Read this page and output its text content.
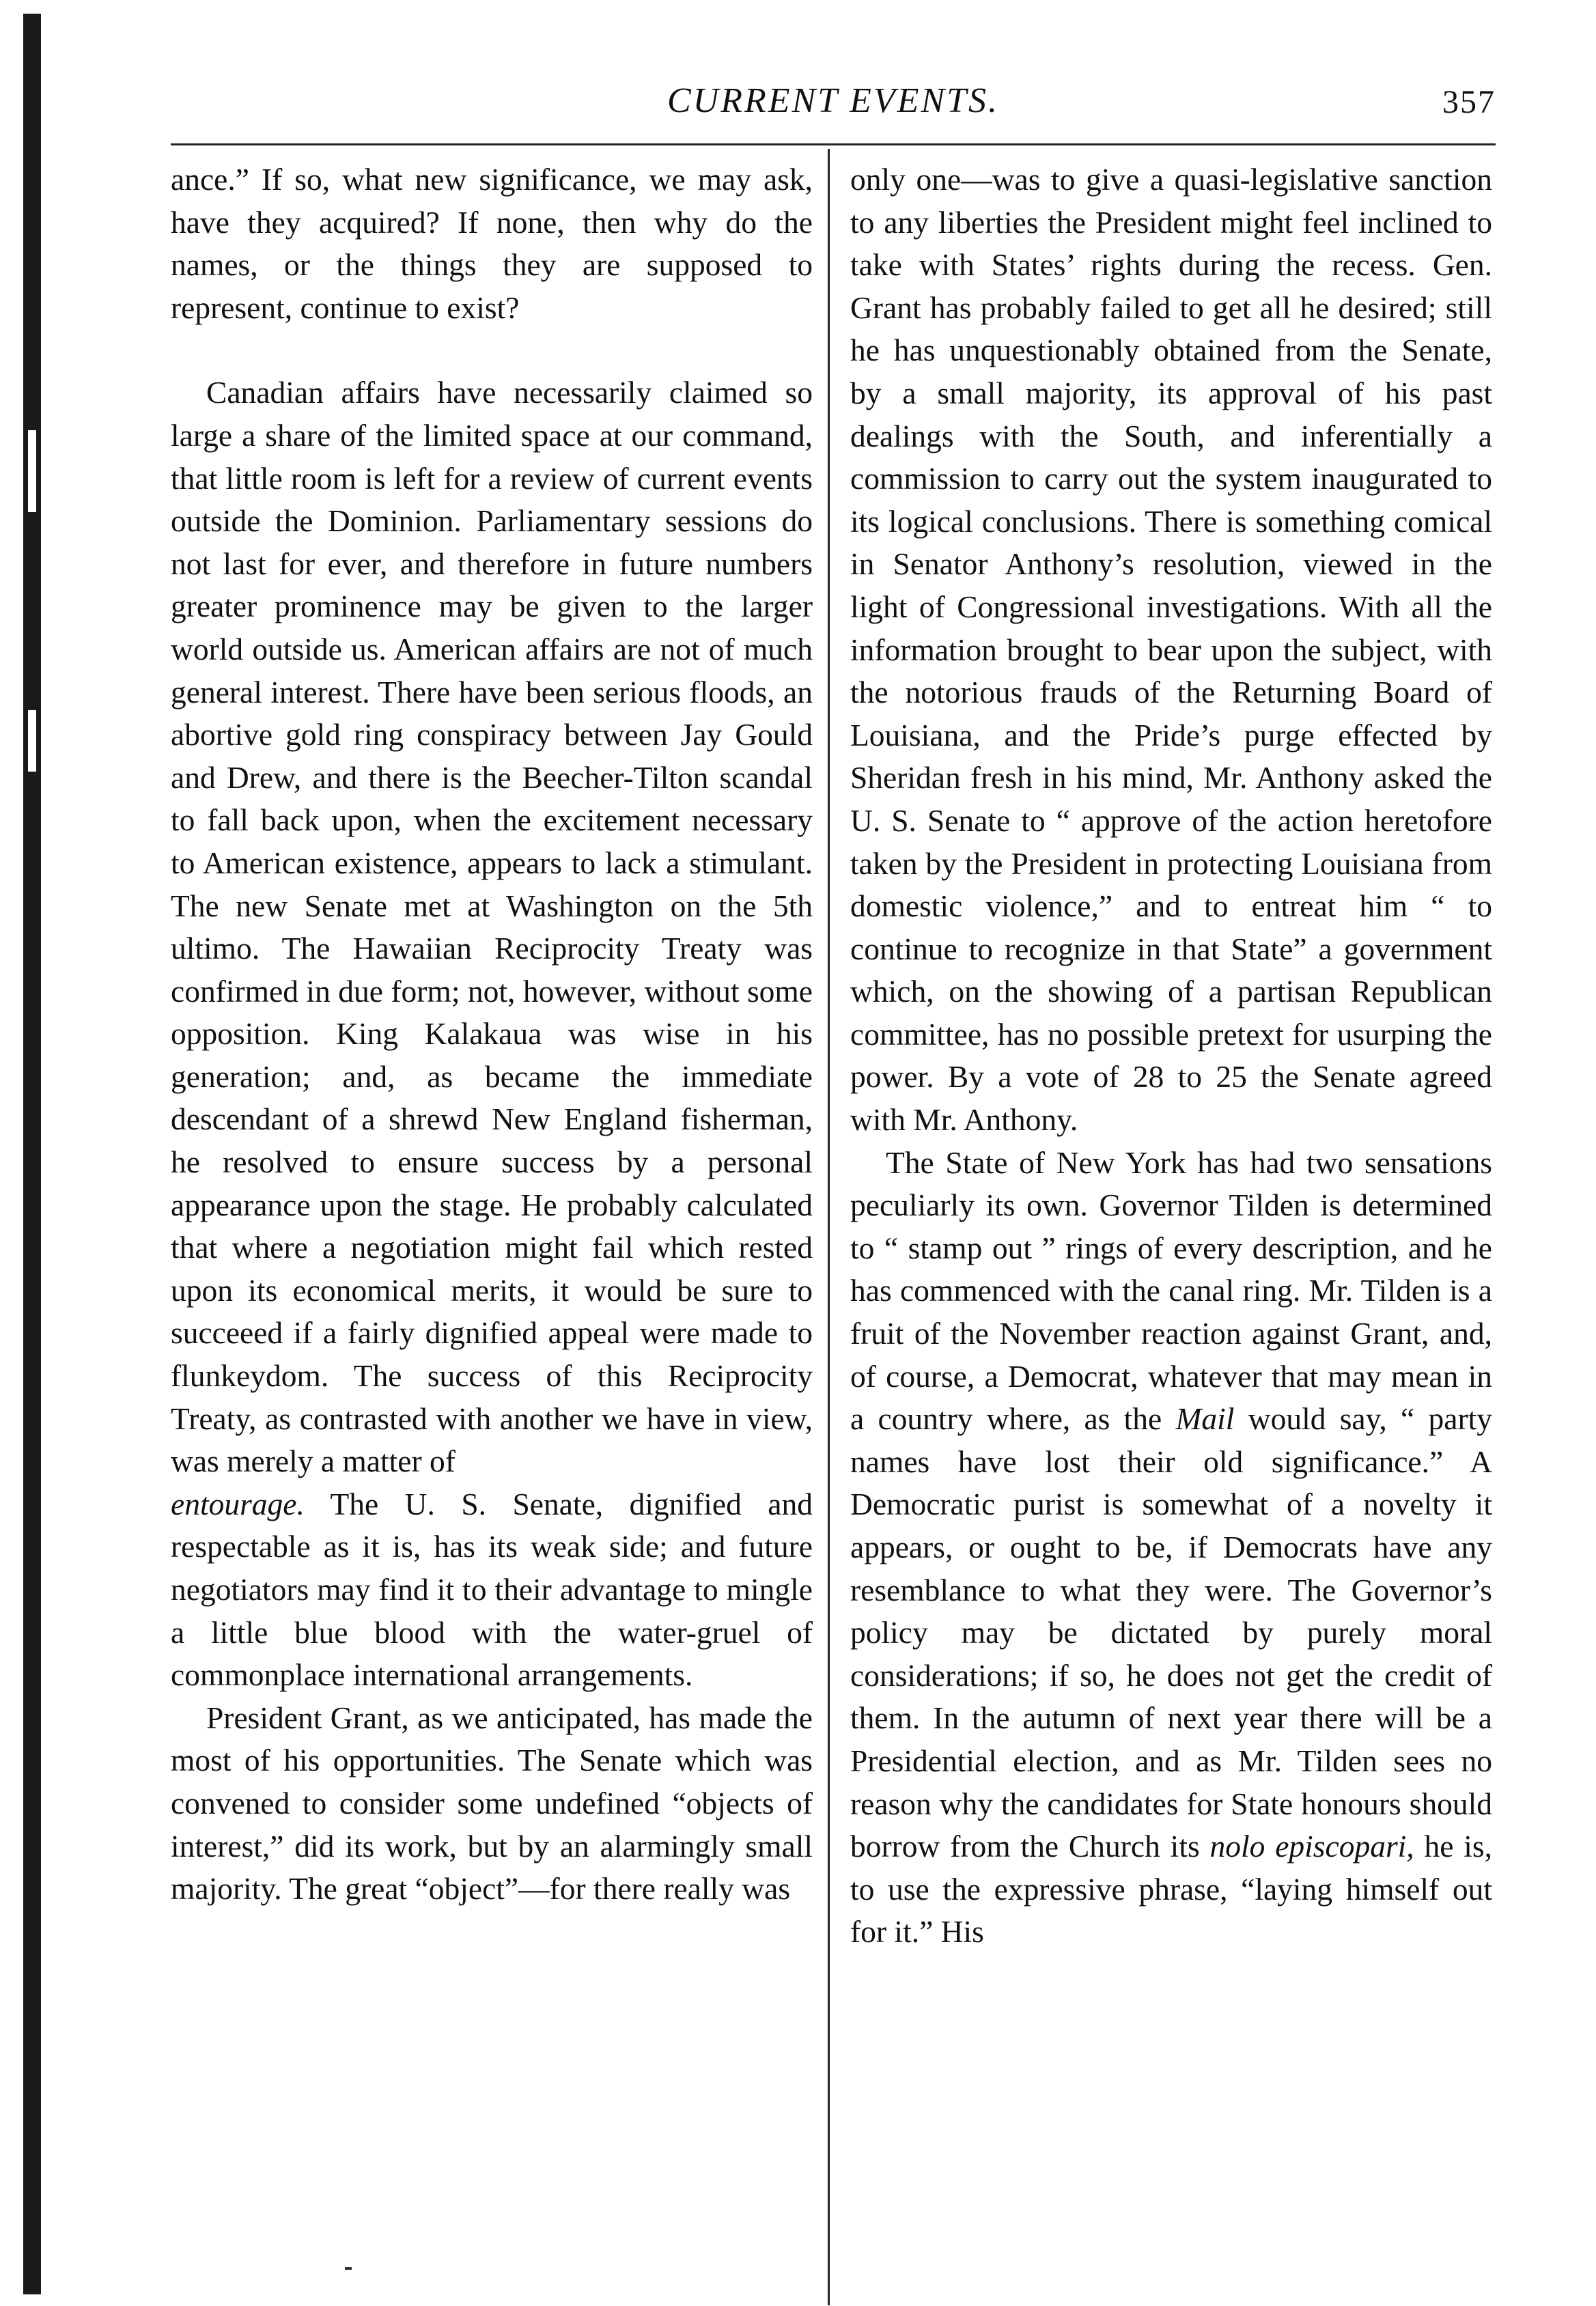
CURRENT EVENTS.	357

ance.” If so, what new significance, we may ask, have they acquired? If none, then why do the names, or the things they are supposed to represent, continue to exist?

Canadian affairs have necessarily claimed so large a share of the limited space at our command, that little room is left for a review of current events outside the Dominion. Parliamentary sessions do not last for ever, and therefore in future numbers greater prominence may be given to the larger world outside us. American affairs are not of much general interest. There have been serious floods, an abortive gold ring conspiracy between Jay Gould and Drew, and there is the Beecher-Tilton scandal to fall back upon, when the excitement necessary to American existence, appears to lack a stimulant. The new Senate met at Washington on the 5th ultimo. The Hawaiian Reciprocity Treaty was confirmed in due form; not, however, without some opposition. King Kalakaua was wise in his generation; and, as became the immediate descendant of a shrewd New England fisherman, he resolved to ensure success by a personal appearance upon the stage. He probably calculated that where a negotiation might fail which rested upon its economical merits, it would be sure to succeeed if a fairly dignified appeal were made to flunkeydom. The success of this Reciprocity Treaty, as contrasted with another we have in view, was merely a matter of

entourage. The U. S. Senate, dignified and respectable as it is, has its weak side; and future negotiators may find it to their advantage to mingle a little blue blood with the water-gruel of commonplace international arrangements.

President Grant, as we anticipated, has made the most of his opportunities. The Senate which was convened to consider some undefined “objects of interest,” did its work, but by an alarmingly small majority. The great “object”—for there really was

only one—was to give a quasi-legislative sanction to any liberties the President might feel inclined to take with States’ rights during the recess. Gen. Grant has probably failed to get all he desired; still he has unquestionably obtained from the Senate, by a small majority, its approval of his past dealings with the South, and inferentially a commission to carry out the system inaugurated to its logical conclusions. There is something comical in Senator Anthony’s resolution, viewed in the light of Congressional investigations. With all the information brought to bear upon the subject, with the notorious frauds of the Returning Board of Louisiana, and the Pride’s purge effected by Sheridan fresh in his mind, Mr. Anthony asked the U. S. Senate to “ approve of the action heretofore taken by the President in protecting Louisiana from domestic violence,” and to entreat him “ to continue to recognize in that State” a government which, on the showing of a partisan Republican committee, has no possible pretext for usurping the power. By a vote of 28 to 25 the Senate agreed with Mr. Anthony.

The State of New York has had two sensations peculiarly its own. Governor Tilden is determined to “ stamp out ” rings of every description, and he has commenced with the canal ring. Mr. Tilden is a fruit of the November reaction against Grant, and, of course, a Democrat, whatever that may mean in a country where, as the Mail would say, “ party names have lost their old significance.” A Democratic purist is somewhat of a novelty it appears, or ought to be, if Democrats have any resemblance to what they were. The Governor’s policy may be dictated by purely moral considerations; if so, he does not get the credit of them. In the autumn of next year there will be a Presidential election, and as Mr. Tilden sees no reason why the candidates for State honours should borrow from the Church its nolo episcopari, he is, to use the expressive phrase, “laying himself out for it.” His
